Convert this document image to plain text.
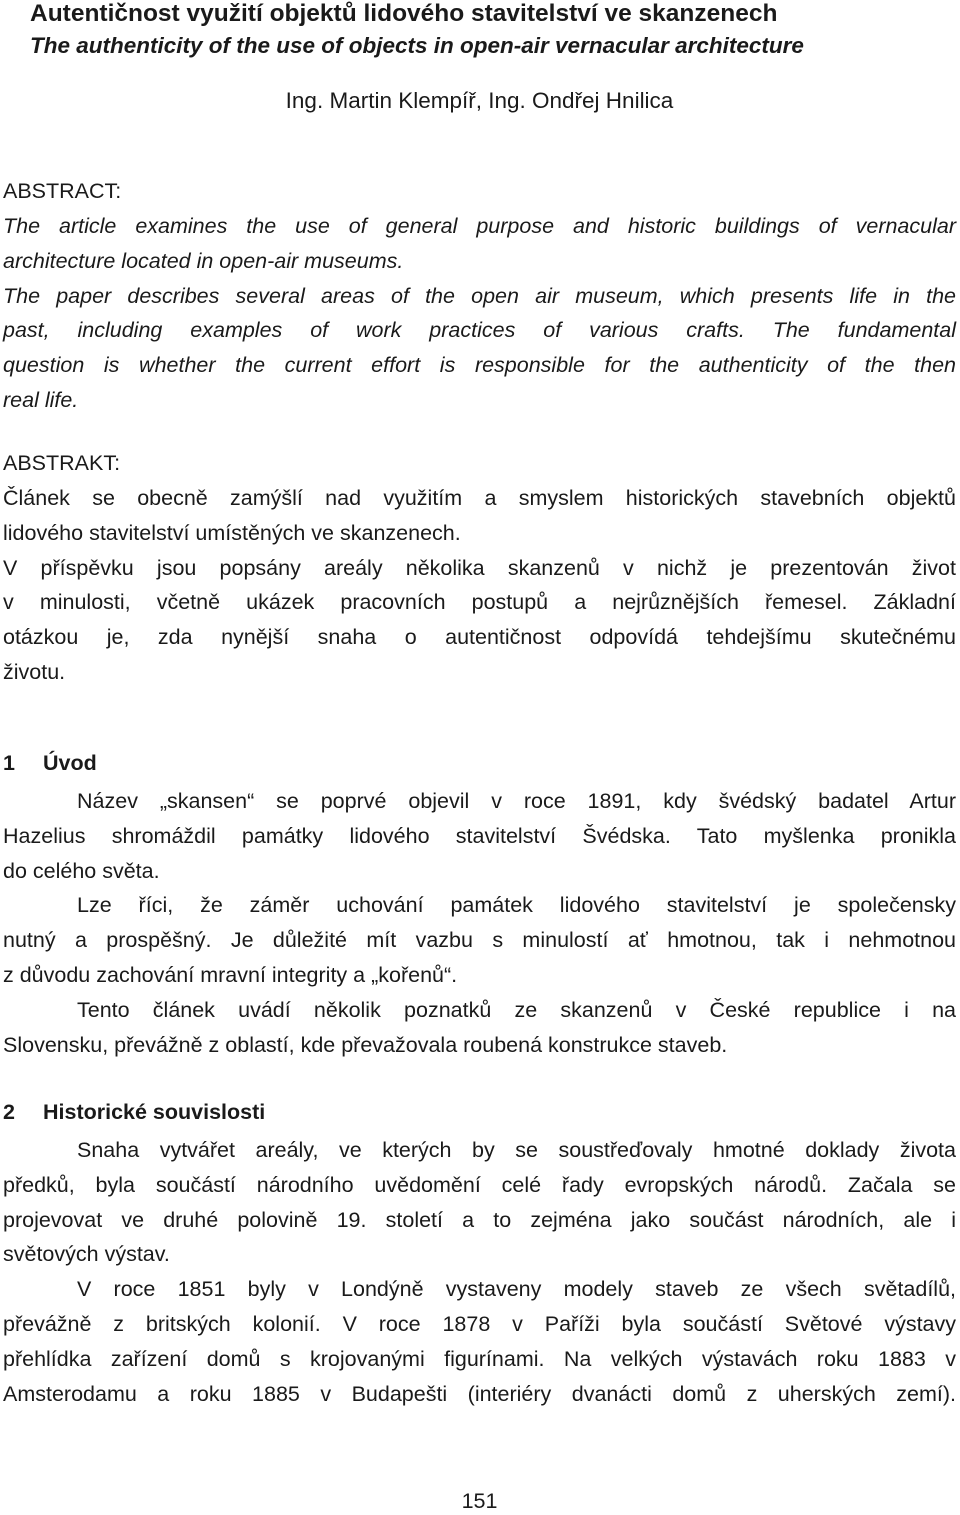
Autentičnost využití objektů lidového stavitelství ve skanzenech
The authenticity of the use of objects in open-air vernacular architecture
Ing. Martin Klempíř, Ing. Ondřej Hnilica
ABSTRACT:

The article examines the use of general purpose and historic buildings of vernacular
architecture located in open-air museums.
The paper describes several areas of the open air museum, which presents life in the
past, including examples of work practices of various crafts. The fundamental
question is whether the current effort is responsible for the authenticity of the then
real life.

ABSTRAKT:

Článek se obecně zamýšlí nad využitím a smyslem historických stavebních objektů
lidového stavitelství umístěných ve skanzenech.
V příspěvku jsou popsány areály několika skanzenů v nichž je prezentován život
v minulosti, včetně ukázek pracovních postupů a nejrůznějších řemesel. Základní
otázkou je, zda nynější snaha o autentičnost odpovídá tehdejšímu skutečnému
životu.

1 Úvod

Název „skansen“ se poprvé objevil v roce 1891, kdy švédský badatel Artur
Hazelius shromáždil památky lidového stavitelství Švédska. Tato myšlenka pronikla
do celého světa.
Lze říci, že záměr uchování památek lidového stavitelství je společensky
nutný a prospěšný. Je důležité mít vazbu s minulostí ať hmotnou, tak i nehmotnou
z důvodu zachování mravní integrity a „kořenů“.
Tento článek uvádí několik poznatků ze skanzenů v České republice i na
Slovensku, převážně z oblastí, kde převažovala roubená konstrukce staveb.

2 Historické souvislosti

Snaha vytvářet areály, ve kterých by se soustřeďovaly hmotné doklady života
předků, byla součástí národního uvědomění celé řady evropských národů. Začala se
projevovat ve druhé polovině 19. století a to zejména jako součást národních, ale i
světových výstav.
V roce 1851 byly v Londýně vystaveny modely staveb ze všech světadílů,
převážně z britských kolonií. V roce 1878 v Paříži byla součástí Světové výstavy
přehlídka zařízení domů s krojovanými figurínami. Na velkých výstavách roku 1883 v
Amsterodamu a roku 1885 v Budapešti (interiéry dvanácti domů z uherských zemí).

151
